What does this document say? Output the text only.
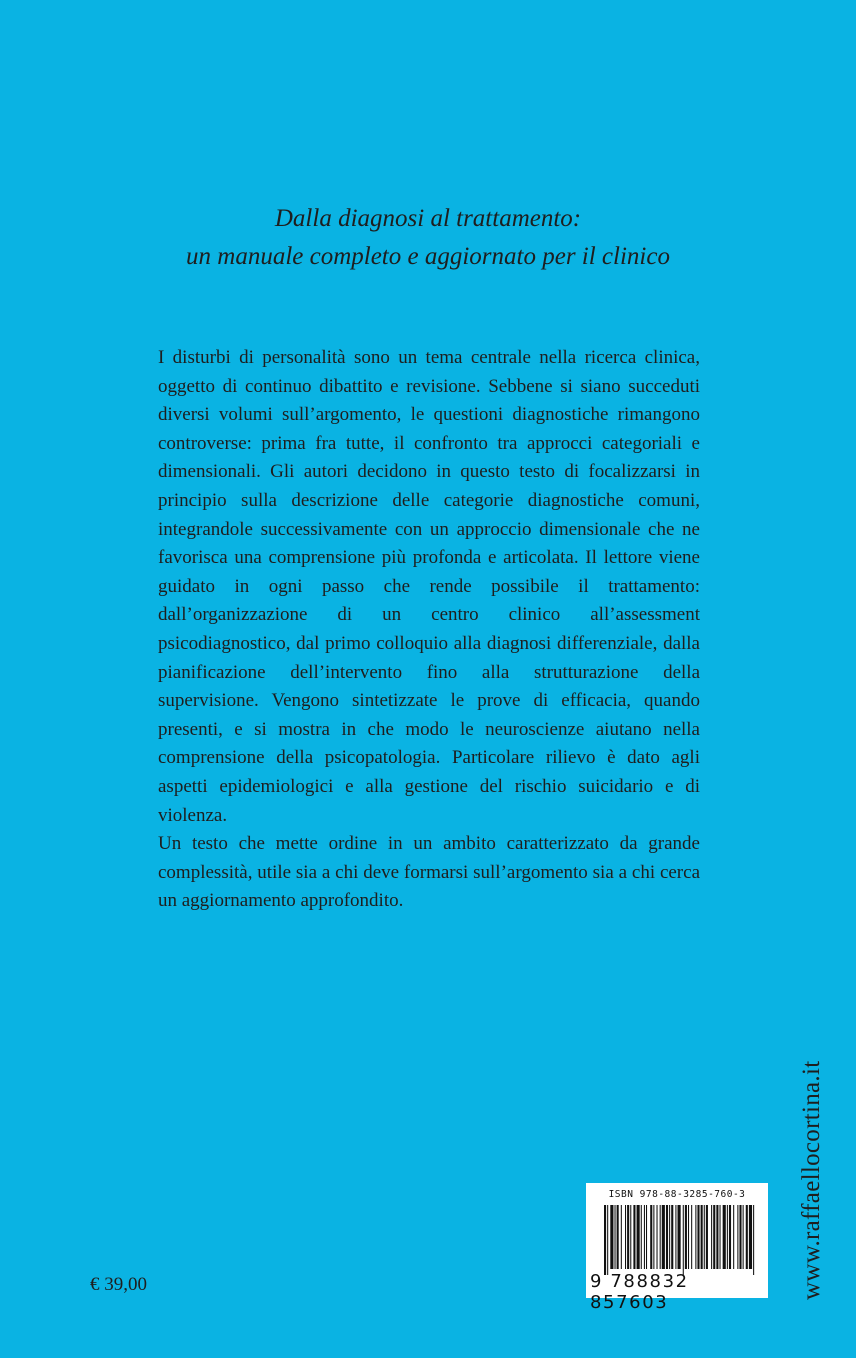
Dalla diagnosi al trattamento:
un manuale completo e aggiornato per il clinico

I disturbi di personalità sono un tema centrale nella ricerca clinica, oggetto di continuo dibattito e revisione. Sebbene si siano succeduti diversi volumi sull’argomento, le questioni diagnostiche rimangono controverse: prima fra tutte, il confronto tra approcci categoriali e dimensionali. Gli autori decidono in questo testo di focalizzarsi in principio sulla descrizione delle categorie diagnostiche comuni, integrandole successivamente con un approccio dimensionale che ne favorisca una comprensione più profonda e articolata. Il lettore viene guidato in ogni passo che rende possibile il trattamento: dall’organizzazione di un centro clinico all’assessment psicodiagnostico, dal primo colloquio alla diagnosi differenziale, dalla pianificazione dell’intervento fino alla strutturazione della supervisione. Vengono sintetizzate le prove di efficacia, quando presenti, e si mostra in che modo le neuroscienze aiutano nella comprensione della psicopatologia. Particolare rilievo è dato agli aspetti epidemiologici e alla gestione del rischio suicidario e di violenza.

Un testo che mette ordine in un ambito caratterizzato da grande complessità, utile sia a chi deve formarsi sull’argomento sia a chi cerca un aggiornamento approfondito.

€ 39,00
ISBN 978-88-3285-760-3
9 788832 857603
www.raffaellocortina.it
